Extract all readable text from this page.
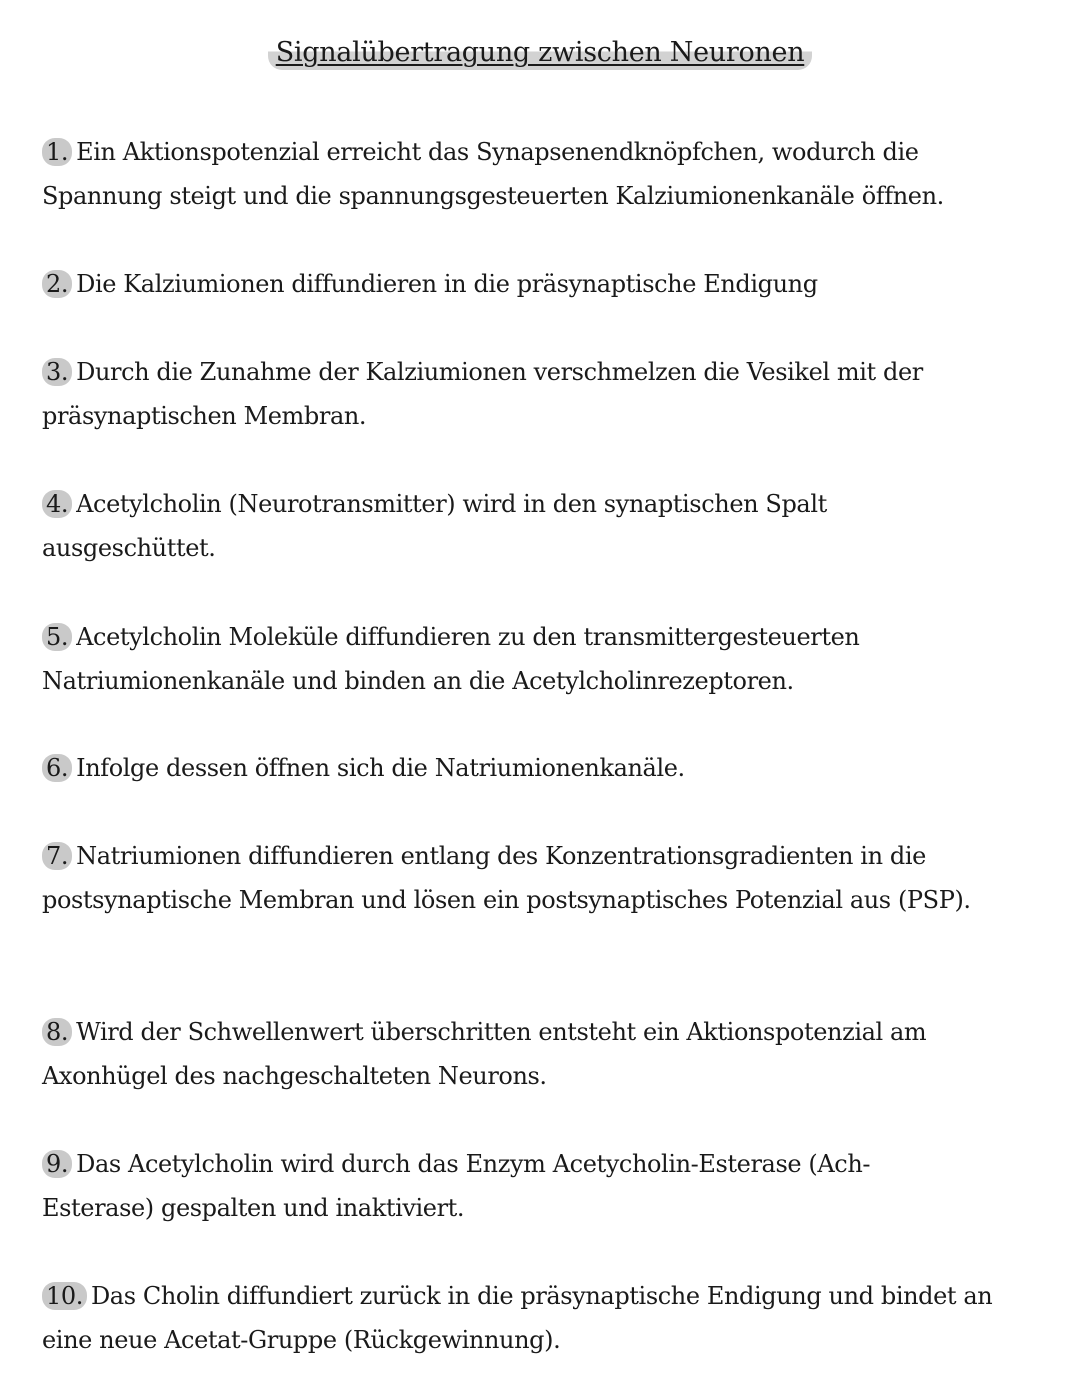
Signalübertragung zwischen Neuronen

1. Ein Aktionspotenzial erreicht das Synapsenendknöpfchen, wodurch die Spannung steigt und die spannungsgesteuerten Kalziumionenkanäle öffnen.

2. Die Kalziumionen diffundieren in die präsynaptische Endigung

3. Durch die Zunahme der Kalziumionen verschmelzen die Vesikel mit der präsynaptischen Membran.

4. Acetylcholin (Neurotransmitter) wird in den synaptischen Spalt ausgeschüttet.

5. Acetylcholin Moleküle diffundieren zu den transmittergesteuerten Natriumionenkanäle und binden an die Acetylcholinrezeptoren.

6. Infolge dessen öffnen sich die Natriumionenkanäle.

7. Natriumionen diffundieren entlang des Konzentrationsgradienten in die postsynaptische Membran und lösen ein postsynaptisches Potenzial aus (PSP).

8. Wird der Schwellenwert überschritten entsteht ein Aktionspotenzial am Axonhügel des nachgeschalteten Neurons.

9. Das Acetylcholin wird durch das Enzym Acetycholin-Esterase (Ach-Esterase) gespalten und inaktiviert.

10. Das Cholin diffundiert zurück in die präsynaptische Endigung und bindet an eine neue Acetat-Gruppe (Rückgewinnung).
